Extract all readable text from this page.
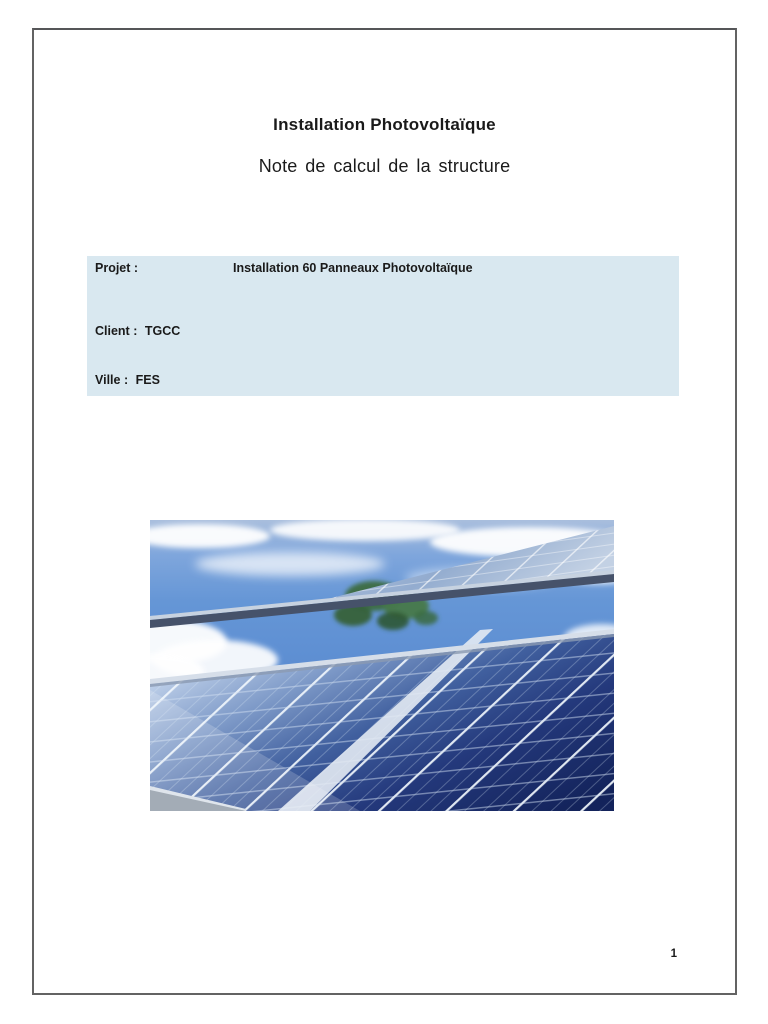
Installation Photovoltaïque
Note de calcul de la structure
Projet :	Installation 60 Panneaux Photovoltaïque
Client : TGCC
Ville : FES
1
